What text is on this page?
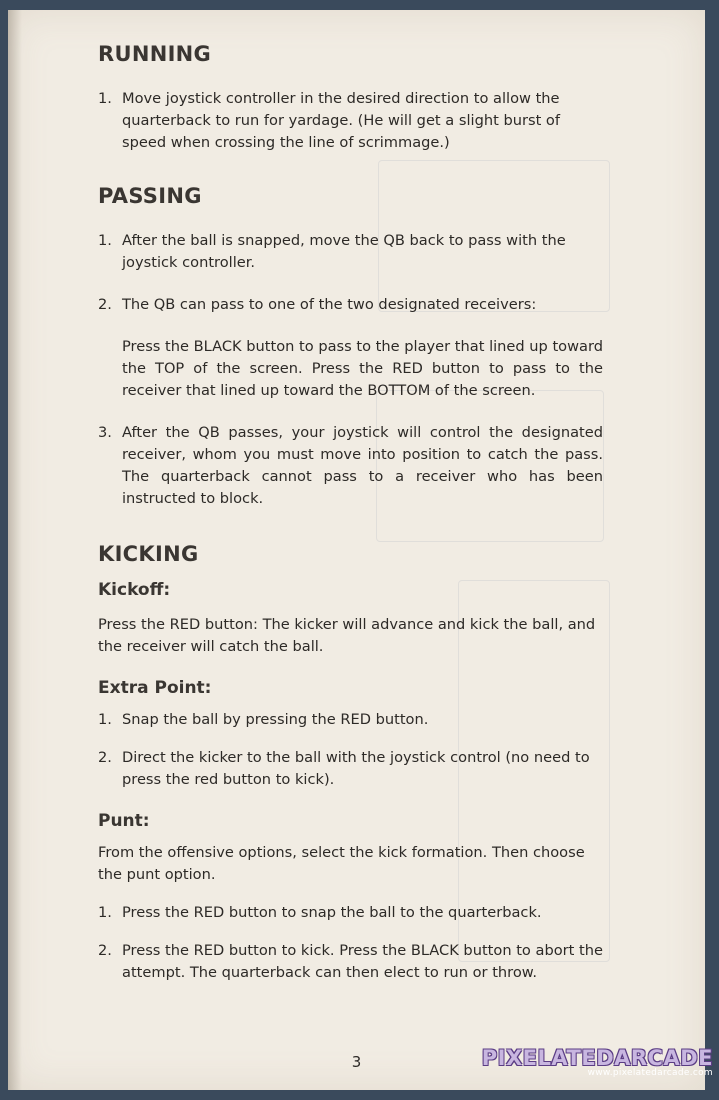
RUNNING
1. Move joystick controller in the desired direction to allow the quarterback to run for yardage. (He will get a slight burst of speed when crossing the line of scrimmage.)

PASSING
1. After the ball is snapped, move the QB back to pass with the joystick controller.

2. The QB can pass to one of the two designated receivers:

Press the BLACK button to pass to the player that lined up toward the TOP of the screen. Press the RED button to pass to the receiver that lined up toward the BOTTOM of the screen.

3. After the QB passes, your joystick will control the designated receiver, whom you must move into position to catch the pass. The quarterback cannot pass to a receiver who has been instructed to block.

KICKING
Kickoff:

Press the RED button: The kicker will advance and kick the ball, and the receiver will catch the ball.

Extra Point:
1. Snap the ball by pressing the RED button.

2. Direct the kicker to the ball with the joystick control (no need to press the red button to kick).

Punt:

From the offensive options, select the kick formation. Then choose the punt option.

1. Press the RED button to snap the ball to the quarterback.

2. Press the RED button to kick. Press the BLACK button to abort the attempt. The quarterback can then elect to run or throw.

3	PIXELATEDARCADE
www.pixelatedarcade.com
